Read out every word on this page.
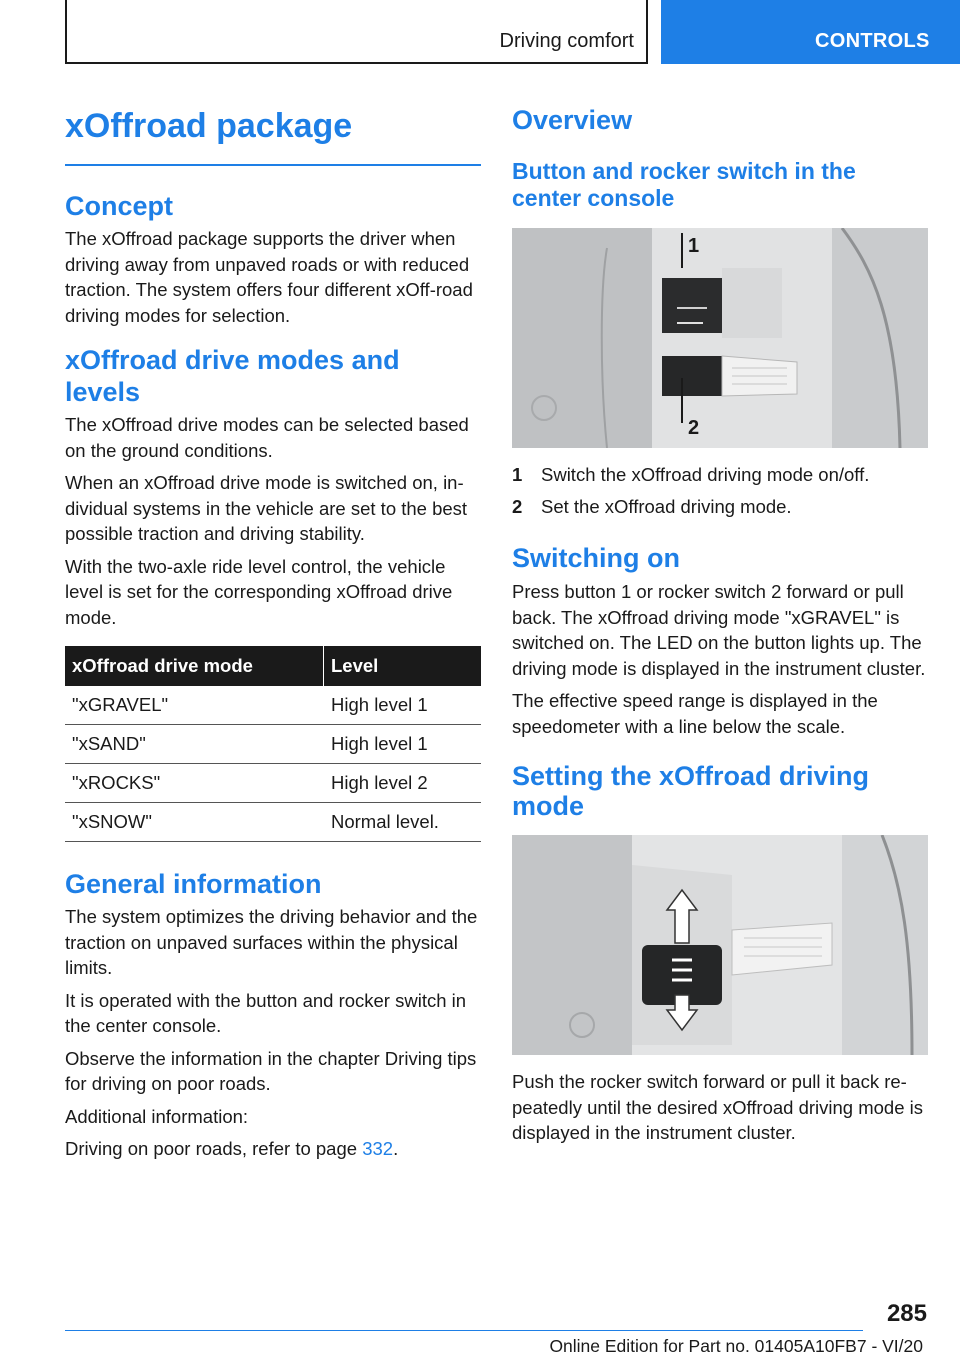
Driving comfort	CONTROLS
xOffroad package
Concept

The xOffroad package supports the driver when driving away from unpaved roads or with reduced traction. The system offers four different xOff‐road driving modes for selection.

xOffroad drive modes and levels

The xOffroad drive modes can be selected based on the ground conditions.

When an xOffroad drive mode is switched on, in‐dividual systems in the vehicle are set to the best possible traction and driving stability.

With the two-axle ride level control, the vehicle level is set for the corresponding xOffroad drive mode.

xOffroad drive mode	Level
"xGRAVEL"	High level 1
"xSAND"	High level 1
"xROCKS"	High level 2
"xSNOW"	Normal level.
General information

The system optimizes the driving behavior and the traction on unpaved surfaces within the physical limits.

It is operated with the button and rocker switch in the center console.

Observe the information in the chapter Driving tips for driving on poor roads.

Additional information:

Driving on poor roads, refer to page 332.

Overview
Button and rocker switch in the center console
1
2
1 Switch the xOffroad driving mode on/off.
2 Set the xOffroad driving mode.
Switching on

Press button 1 or rocker switch 2 forward or pull back. The xOffroad driving mode "xGRAVEL" is switched on. The LED on the button lights up. The driving mode is displayed in the instrument cluster.

The effective speed range is displayed in the speedometer with a line below the scale.

Setting the xOffroad driving mode

Push the rocker switch forward or pull it back re‐peatedly until the desired xOffroad driving mode is displayed in the instrument cluster.

285
Online Edition for Part no. 01405A10FB7 - VI/20
